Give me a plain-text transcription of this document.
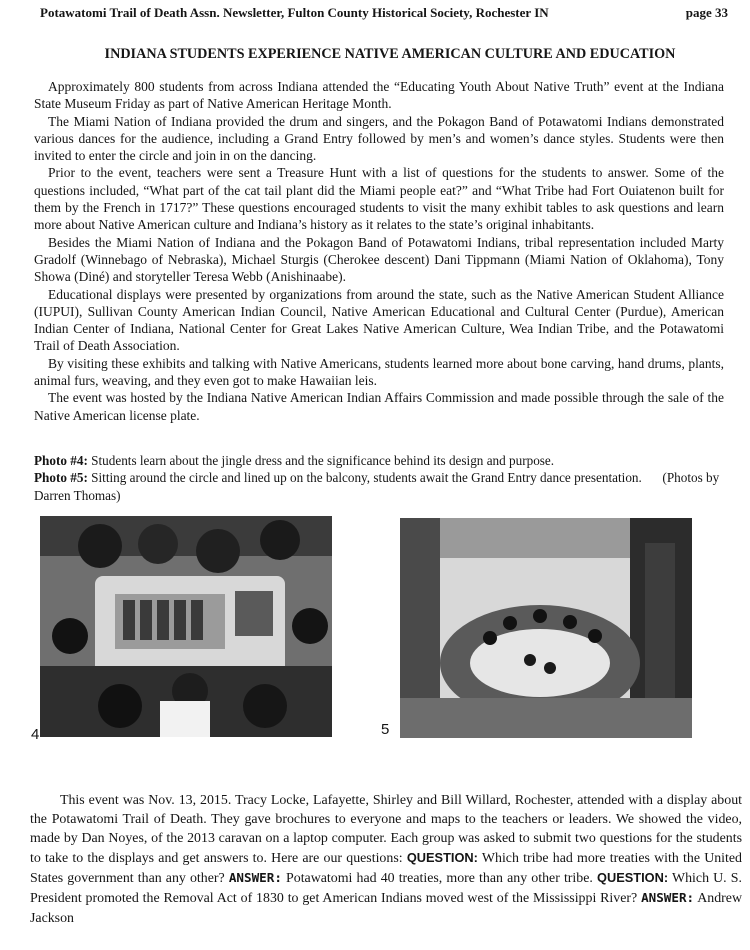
Potawatomi Trail of Death Assn. Newsletter, Fulton County Historical Society, Rochester IN	page 33
INDIANA STUDENTS EXPERIENCE NATIVE AMERICAN CULTURE AND EDUCATION

Approximately 800 students from across Indiana attended the “Educating Youth About Native Truth” event at the Indiana State Museum Friday as part of Native American Heritage Month.

The Miami Nation of Indiana provided the drum and singers, and the Pokagon Band of Potawatomi Indians demonstrated various dances for the audience, including a Grand Entry followed by men’s and women’s dance styles. Students were then invited to enter the circle and join in on the dancing.

Prior to the event, teachers were sent a Treasure Hunt with a list of questions for the students to answer. Some of the questions included, “What part of the cat tail plant did the Miami people eat?” and “What Tribe had Fort Ouiatenon built for them by the French in 1717?” These questions encouraged students to visit the many exhibit tables to ask questions and learn more about Native American culture and Indiana’s history as it relates to the state’s original inhabitants.

Besides the Miami Nation of Indiana and the Pokagon Band of Potawatomi Indians, tribal representation included Marty Gradolf (Winnebago of Nebraska), Michael Sturgis (Cherokee descent) Dani Tippmann (Miami Nation of Oklahoma), Tony Showa (Diné) and storyteller Teresa Webb (Anishinaabe).

Educational displays were presented by organizations from around the state, such as the Native American Student Alliance (IUPUI), Sullivan County American Indian Council, Native American Educational and Cultural Center (Purdue), American Indian Center of Indiana, National Center for Great Lakes Native American Culture, Wea Indian Tribe, and the Potawatomi Trail of Death Association.

By visiting these exhibits and talking with Native Americans, students learned more about bone carving, hand drums, plants, animal furs, weaving, and they even got to make Hawaiian leis.

The event was hosted by the Indiana Native American Indian Affairs Commission and made possible through the sale of the Native American license plate.

Photo #4: Students learn about the jingle dress and the significance behind its design and purpose.

Photo #5: Sitting around the circle and lined up on the balcony, students await the Grand Entry dance presentation. (Photos by Darren Thomas)

4	5

This event was Nov. 13, 2015. Tracy Locke, Lafayette, Shirley and Bill Willard, Rochester, attended with a display about the Potawatomi Trail of Death. They gave brochures to everyone and maps to the teachers or leaders. We showed the video, made by Dan Noyes, of the 2013 caravan on a laptop computer. Each group was asked to submit two questions for the students to take to the displays and get answers to. Here are our questions: QUESTION: Which tribe had more treaties with the United States government than any other? ANSWER: Potawatomi had 40 treaties, more than any other tribe. QUESTION: Which U. S. President promoted the Removal Act of 1830 to get American Indians moved west of the Mississippi River? ANSWER: Andrew Jackson
